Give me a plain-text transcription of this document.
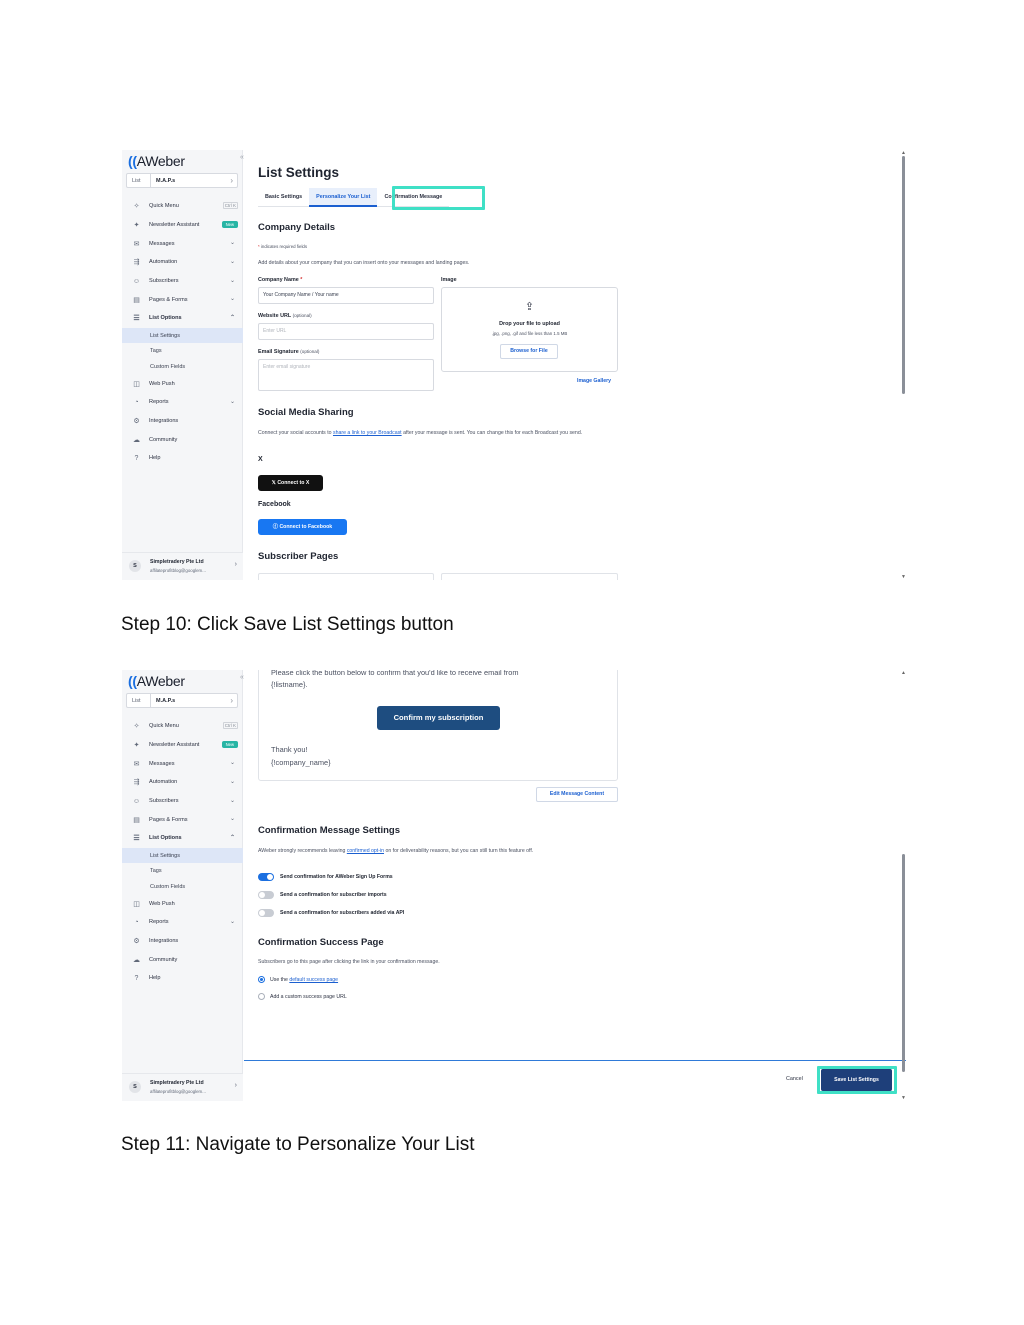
((AWeber	«
List	M.A.P.s	›
✧ Quick Menu	Ctrl K
✦ Newsletter Assistant	New
✉ Messages	⌄
⇶ Automation	⌄
☺ Subscribers	⌄
▤ Pages & Forms	⌄
☰ List Options	⌃
List Settings
Tags
Custom Fields
◫ Web Push
◔	Reports	⌄
⚙ Integrations
☁ Community
?	Help
S
Simpletradery Pte Ltd
affilateprofitblog@googlem...
›
List Settings
Basic Settings	Personalize Your List	Confirmation Message
Company Details
* indicates required fields
Add details about your company that you can insert onto your messages and landing pages.
Company Name *
Your Company Name / Your name
Website URL (optional)
Enter URL
Email Signature (optional)
Enter email signature
Image
⇪
Drop your file to upload
.jpg, .png, .gif and file less than 1.5 MB
Browse for File
Image Gallery
Social Media Sharing
Connect your social accounts to share a link to your Broadcast after your message is sent. You can change this for each Broadcast you send.
X
𝕏 Connect to X
Facebook
ⓕ Connect to Facebook
Subscriber Pages
▲
▼
Step 10: Click Save List Settings button
((AWeber	«
List	M.A.P.s	›
✧ Quick Menu	Ctrl K
✦ Newsletter Assistant	New
✉ Messages	⌄
⇶ Automation	⌄
☺ Subscribers	⌄
▤ Pages & Forms	⌄
☰ List Options	⌃
List Settings
Tags
Custom Fields
◫ Web Push
◔	Reports	⌄
⚙ Integrations
☁ Community
?	Help
S
Simpletradery Pte Ltd
affilateprofitblog@googlem...
›
Please click the button below to confirm that you'd like to receive email from
{!listname}.
Confirm my subscription
Thank you!
{!company_name}
Edit Message Content
Confirmation Message Settings
AWeber strongly recommends leaving confirmed opt-in on for deliverability reasons, but you can still turn this feature off.
Send confirmation for AWeber Sign Up Forms
Send a confirmation for subscriber imports
Send a confirmation for subscribers added via API
Confirmation Success Page
Subscribers go to this page after clicking the link in your confirmation message.
Use the default success page
Add a custom success page URL
Cancel	Save List Settings
▲
▼
Step 11: Navigate to Personalize Your List
